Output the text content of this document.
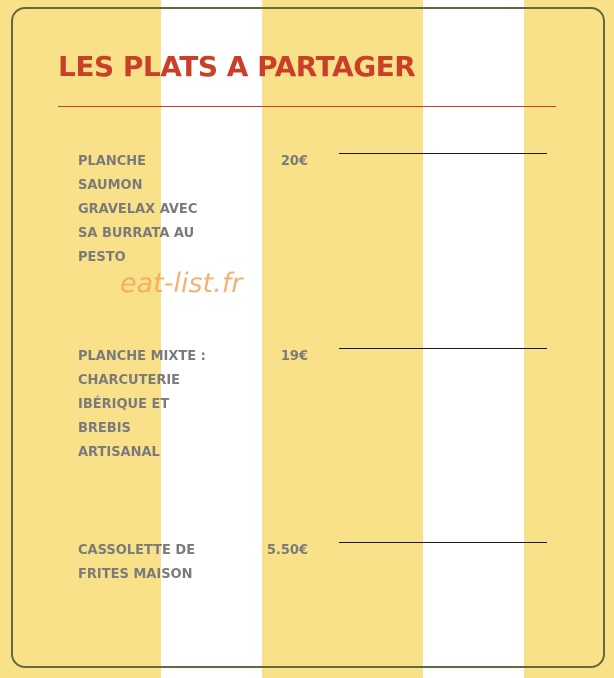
LES PLATS A PARTAGER
PLANCHE
SAUMON
GRAVELAX AVEC
SA BURRATA AU
PESTO
20€
PLANCHE MIXTE :
CHARCUTERIE
IBÉRIQUE ET
BREBIS
ARTISANAL
19€
CASSOLETTE DE
FRITES MAISON
5.50€
eat-list.fr
